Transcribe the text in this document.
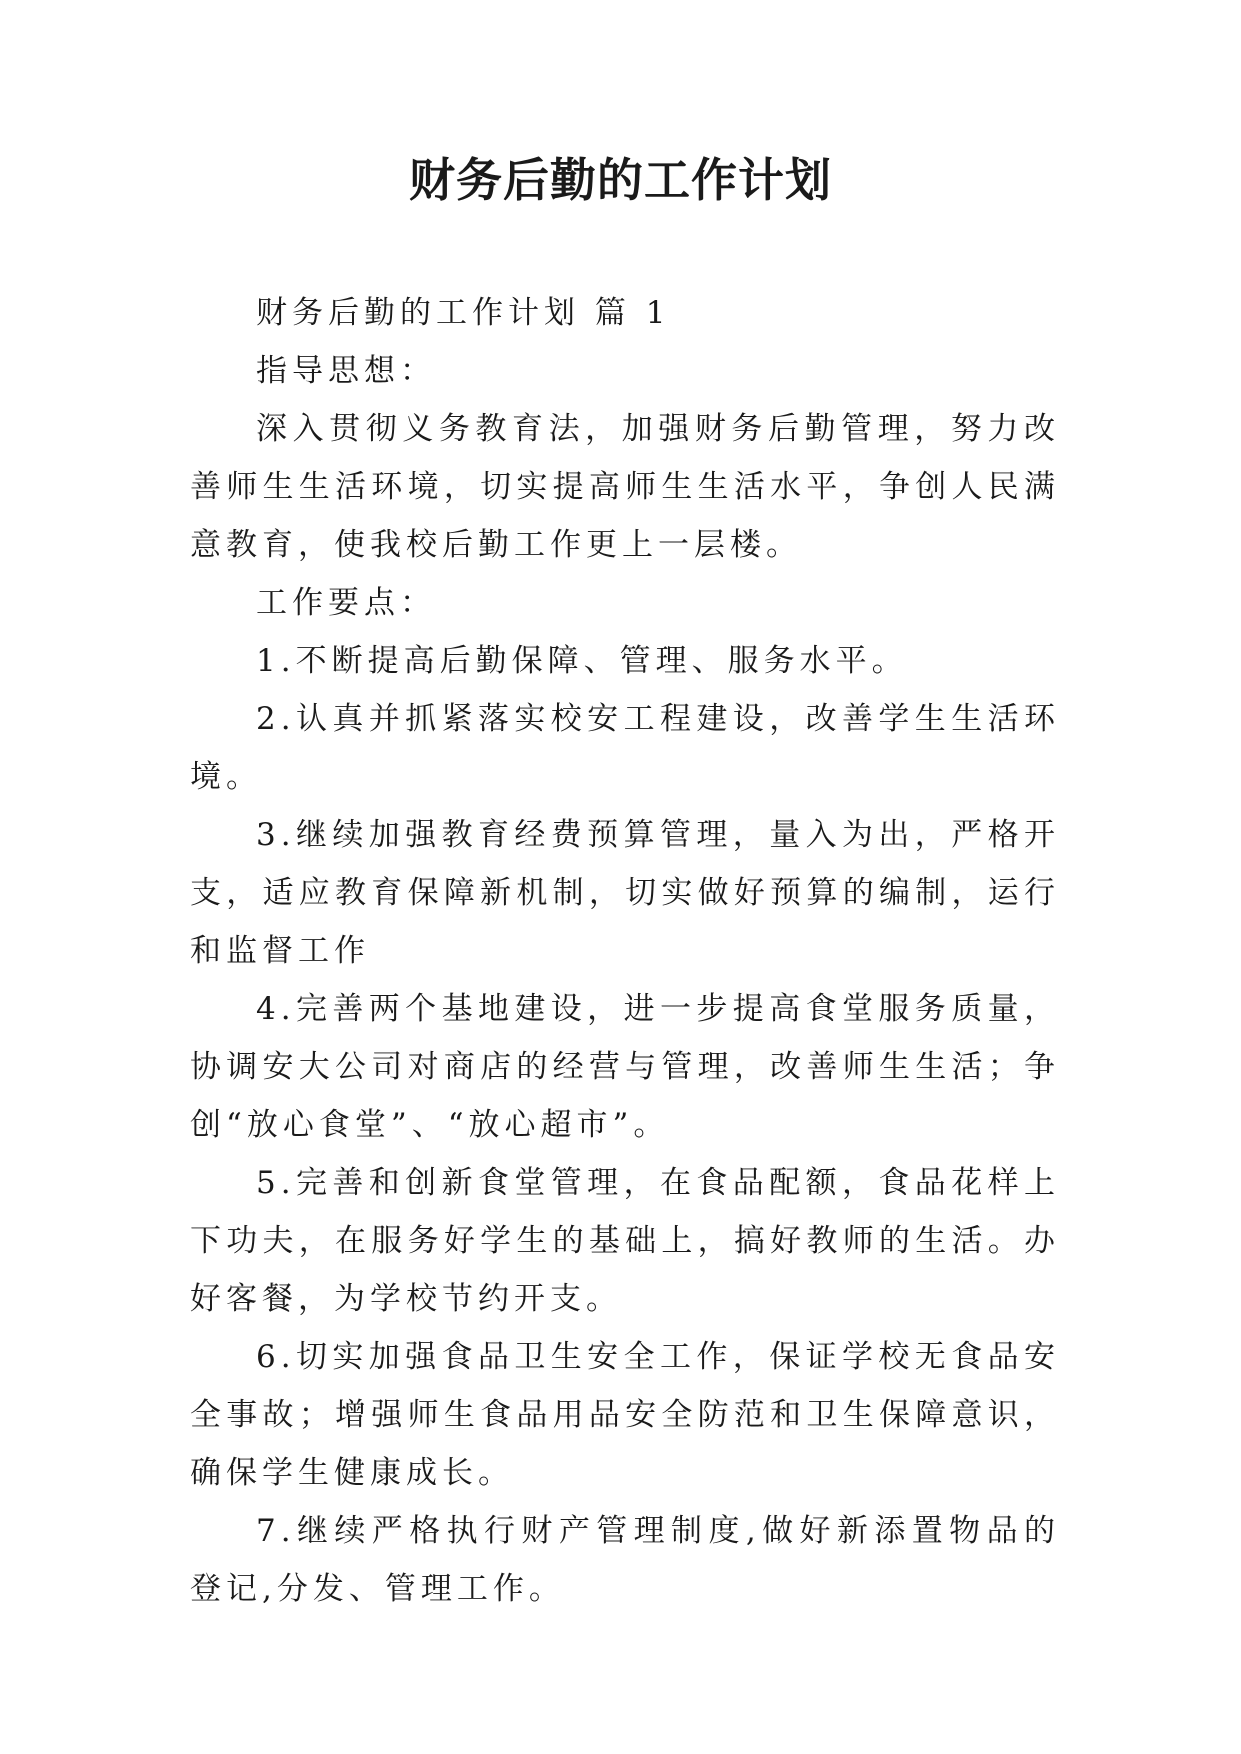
财务后勤的工作计划

财务后勤的工作计划 篇 1

指导思想：

深入贯彻义务教育法，加强财务后勤管理，努力改善师生生活环境，切实提高师生生活水平，争创人民满意教育，使我校后勤工作更上一层楼。

工作要点：

1.不断提高后勤保障、管理、服务水平。

2.认真并抓紧落实校安工程建设，改善学生生活环境。

3.继续加强教育经费预算管理，量入为出，严格开支，适应教育保障新机制，切实做好预算的编制，运行和监督工作

4.完善两个基地建设，进一步提高食堂服务质量，协调安大公司对商店的经营与管理，改善师生生活；争创“放心食堂”、“放心超市”。

5.完善和创新食堂管理，在食品配额，食品花样上下功夫，在服务好学生的基础上，搞好教师的生活。办好客餐，为学校节约开支。

6.切实加强食品卫生安全工作，保证学校无食品安全事故；增强师生食品用品安全防范和卫生保障意识，确保学生健康成长。

7.继续严格执行财产管理制度,做好新添置物品的登记,分发、管理工作。
